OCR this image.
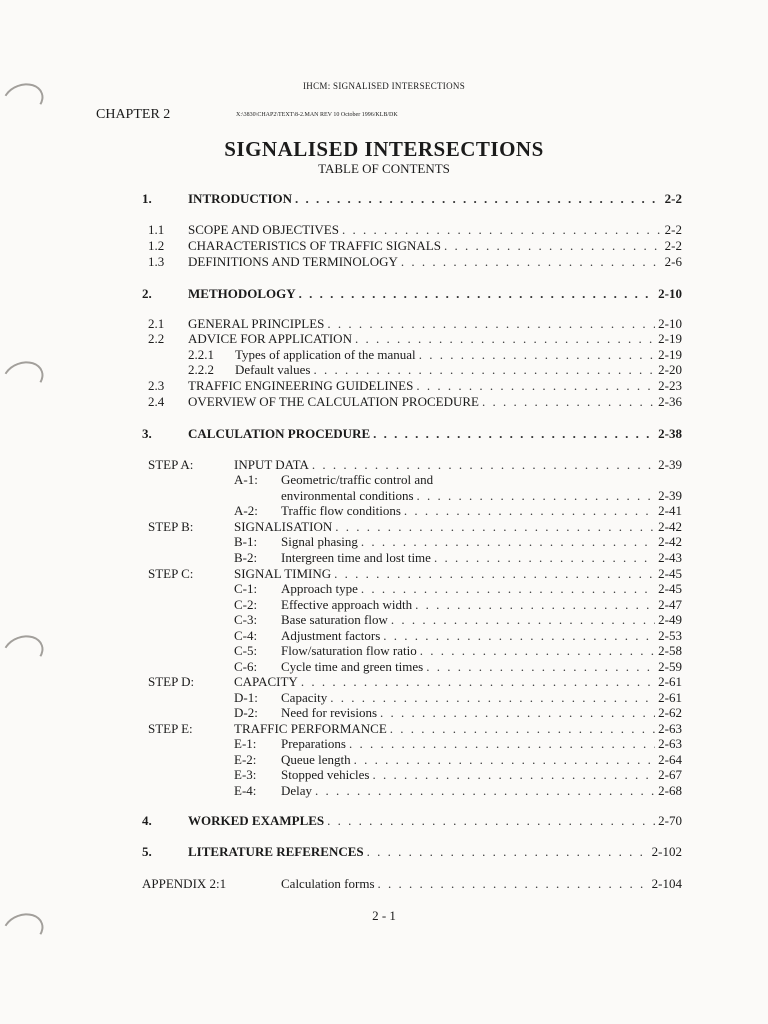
IHCM: SIGNALISED INTERSECTIONS
CHAPTER 2	X:\3830\CHAP2\TEXT\8-2.MAN REV 10 October 1996/KLB/DK
SIGNALISED INTERSECTIONS
TABLE OF CONTENTS
1.	INTRODUCTION . . .	2-2
1.1 SCOPE AND OBJECTIVES . . .	2-2
1.2 CHARACTERISTICS OF TRAFFIC SIGNALS . . .	2-2
1.3 DEFINITIONS AND TERMINOLOGY . . .	2-6
2.	METHODOLOGY . . .	2-10
2.1 GENERAL PRINCIPLES . . .	2-10
2.2 ADVICE FOR APPLICATION . . .	2-19
2.2.1 Types of application of the manual . . .	2-19
2.2.2 Default values . . .	2-20
2.3 TRAFFIC ENGINEERING GUIDELINES . . .	2-23
2.4 OVERVIEW OF THE CALCULATION PROCEDURE . . .	2-36
3.	CALCULATION PROCEDURE . . .	2-38
STEP A:	INPUT DATA . . .	2-39
A-1: Geometric/traffic control and
environmental conditions . . .	2-39
A-2: Traffic flow conditions . . .	2-41
STEP B:	SIGNALISATION . . .	2-42
B-1: Signal phasing . . .	2-42
B-2: Intergreen time and lost time . . .	2-43
STEP C:	SIGNAL TIMING . . .	2-45
C-1: Approach type . . .	2-45
C-2: Effective approach width . . .	2-47
C-3: Base saturation flow . . .	2-49
C-4: Adjustment factors . . .	2-53
C-5: Flow/saturation flow ratio . . .	2-58
C-6: Cycle time and green times . . .	2-59
STEP D:	CAPACITY . . .	2-61
D-1: Capacity . . .	2-61
D-2: Need for revisions . . .	2-62
STEP E:	TRAFFIC PERFORMANCE . . .	2-63
E-1: Preparations . . .	2-63
E-2: Queue length . . .	2-64
E-3: Stopped vehicles . . .	2-67
E-4: Delay . . .	2-68
4.	WORKED EXAMPLES . . .	2-70
5.	LITERATURE REFERENCES . . .	2-102
APPENDIX 2:1	Calculation forms . . .	2-104
2 - 1
